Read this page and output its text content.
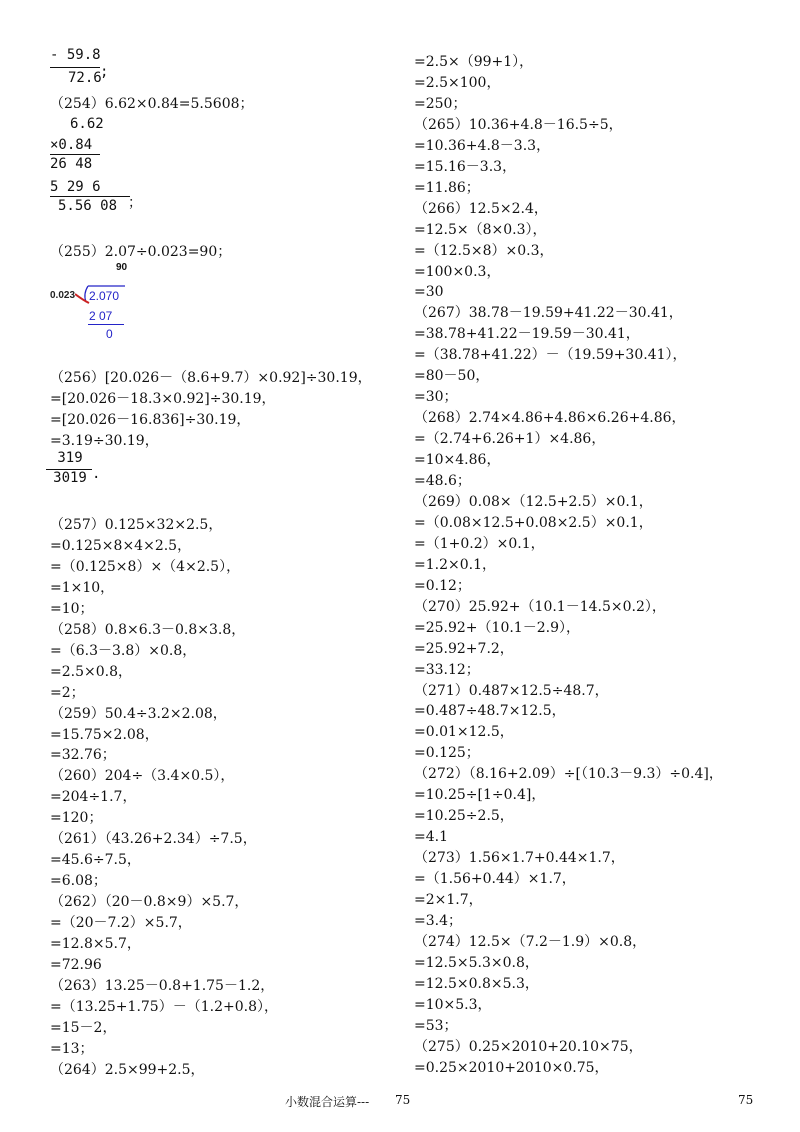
- 59.8
72.6
;
（254）6.62×0.84=5.5608；
6.62
×0.84
26 48
5 29 6
5.56 08 ；
（255）2.07÷0.023=90；
90
0.023 2.070
2 07
0
（256）[20.026－（8.6+9.7）×0.92]÷30.19，
=[20.026－18.3×0.92]÷30.19，
=[20.026－16.836]÷30.19，
=3.19÷30.19，
319
3019 .
（257）0.125×32×2.5，
=0.125×8×4×2.5，
=（0.125×8）×（4×2.5），
=1×10，
=10；
（258）0.8×6.3－0.8×3.8，
=（6.3－3.8）×0.8，
=2.5×0.8，
=2；
（259）50.4÷3.2×2.08，
=15.75×2.08，
=32.76；
（260）204÷（3.4×0.5），
=204÷1.7，
=120；
（261）（43.26+2.34）÷7.5，
=45.6÷7.5，
=6.08；
（262）（20－0.8×9）×5.7，
=（20－7.2）×5.7，
=12.8×5.7，
=72.96
（263）13.25－0.8+1.75－1.2，
=（13.25+1.75）－（1.2+0.8），
=15－2，
=13；
（264）2.5×99+2.5，
=2.5×（99+1），
=2.5×100，
=250；
（265）10.36+4.8－16.5÷5，
=10.36+4.8－3.3，
=15.16－3.3，
=11.86；
（266）12.5×2.4，
=12.5×（8×0.3），
=（12.5×8）×0.3，
=100×0.3，
=30
（267）38.78－19.59+41.22－30.41，
=38.78+41.22－19.59－30.41，
=（38.78+41.22）－（19.59+30.41），
=80－50，
=30；
（268）2.74×4.86+4.86×6.26+4.86，
=（2.74+6.26+1）×4.86，
=10×4.86，
=48.6；
（269）0.08×（12.5+2.5）×0.1，
=（0.08×12.5+0.08×2.5）×0.1，
=（1+0.2）×0.1，
=1.2×0.1，
=0.12；
（270）25.92+（10.1－14.5×0.2），
=25.92+（10.1－2.9），
=25.92+7.2，
=33.12；
（271）0.487×12.5÷48.7，
=0.487÷48.7×12.5，
=0.01×12.5，
=0.125；
（272）（8.16+2.09）÷[（10.3－9.3）÷0.4]，
=10.25÷[1÷0.4]，
=10.25÷2.5，
=4.1
（273）1.56×1.7+0.44×1.7，
=（1.56+0.44）×1.7，
=2×1.7，
=3.4；
（274）12.5×（7.2－1.9）×0.8，
=12.5×5.3×0.8，
=12.5×0.8×5.3，
=10×5.3，
=53；
（275）0.25×2010+20.10×75，
=0.25×2010+2010×0.75，
小数混合运算--- 75	75
